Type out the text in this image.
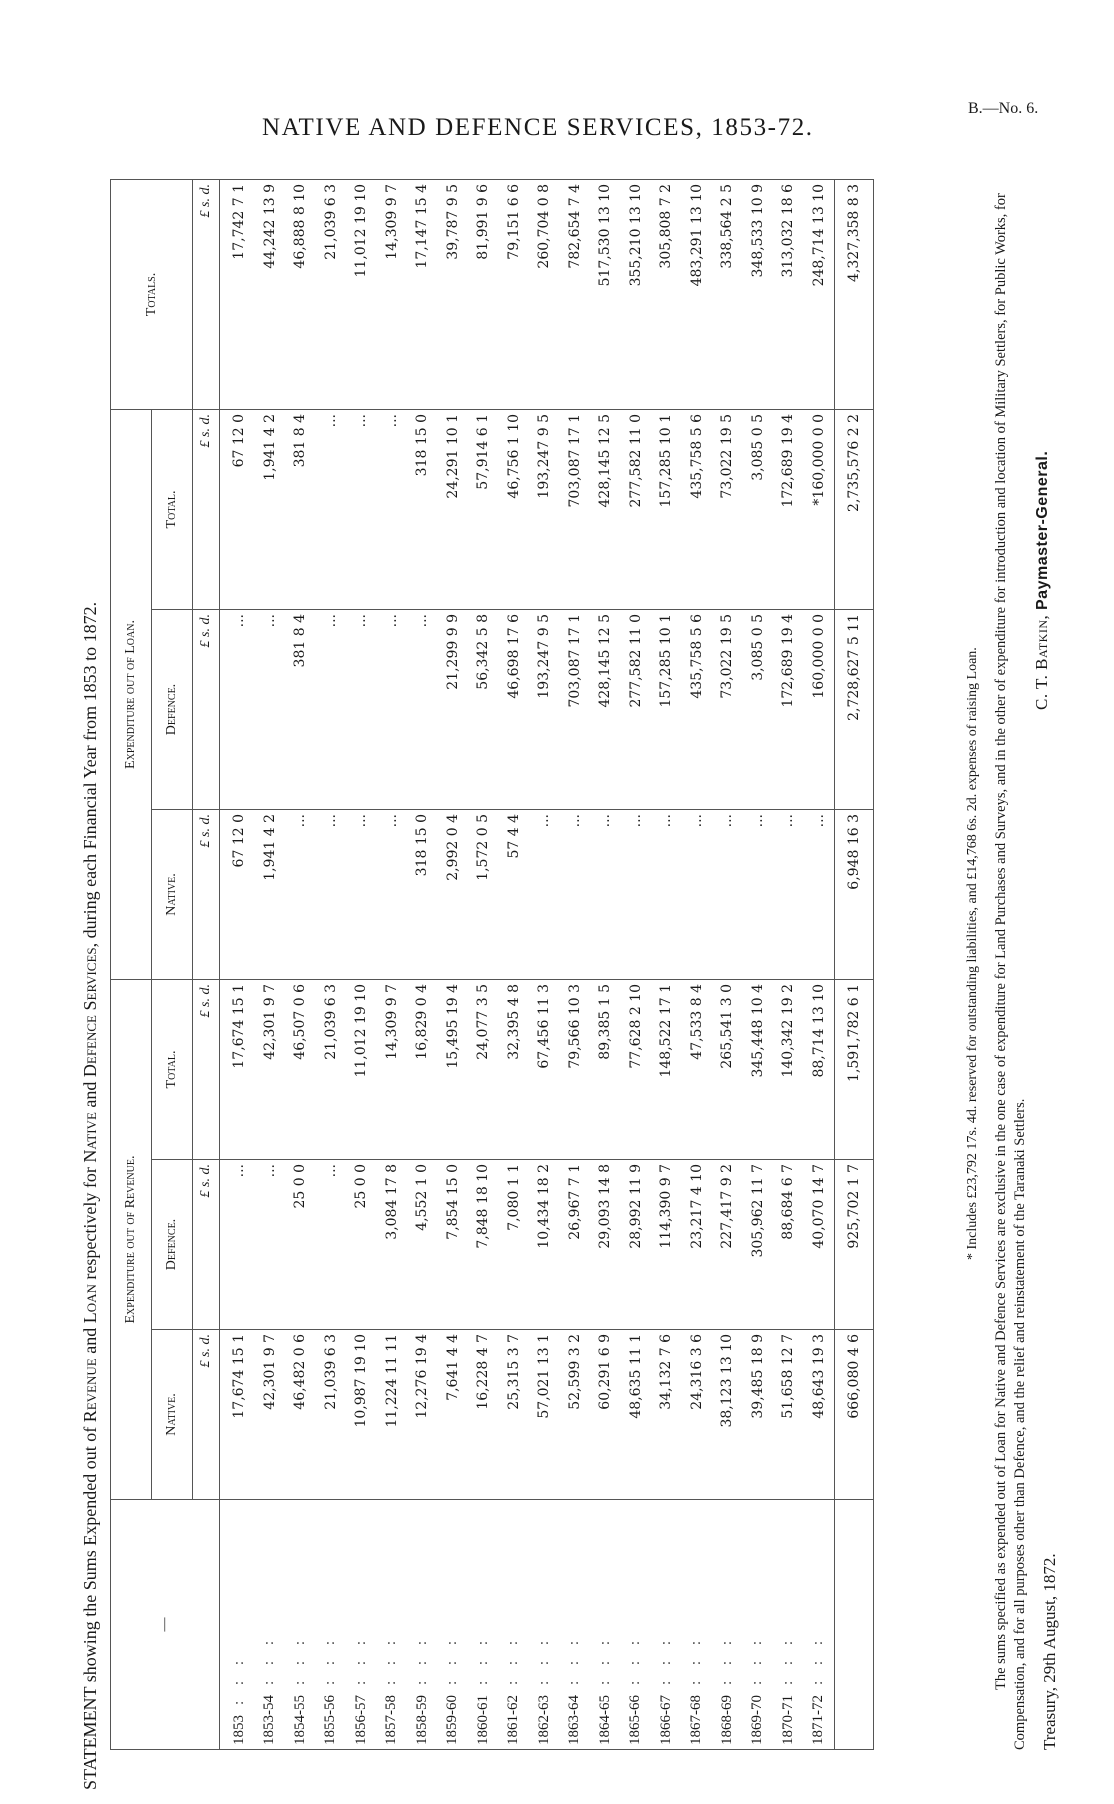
NATIVE AND DEFENCE SERVICES, 1853-72.
B.—No. 6.
STATEMENT showing the Sums Expended out of Revenue and Loan respectively for Native and Defence Services, during each Financial Year from 1853 to 1872.
—	Expenditure out of Revenue.			Expenditure out of Loan.			Totals.
	Native.	Defence.	Total.	Native.	Defence.	Total.	
	£ s. d.	£ s. d.	£ s. d.	£ s. d.	£ s. d.	£ s. d.	£ s. d.
1853: : :	17,674 15 1	...	17,674 15 1	67 12 0	...	67 12 0	17,742 7 1
1853-54: : :	42,301 9 7	...	42,301 9 7	1,941 4 2	...	1,941 4 2	44,242 13 9
1854-55: : :	46,482 0 6	25 0 0	46,507 0 6	...	381 8 4	381 8 4	46,888 8 10
1855-56: : :	21,039 6 3	...	21,039 6 3	...	...	...	21,039 6 3
1856-57: : :	10,987 19 10	25 0 0	11,012 19 10	...	...	...	11,012 19 10
1857-58: : :	11,224 11 11	3,084 17 8	14,309 9 7	...	...	...	14,309 9 7
1858-59: : :	12,276 19 4	4,552 1 0	16,829 0 4	318 15 0	...	318 15 0	17,147 15 4
1859-60: : :	7,641 4 4	7,854 15 0	15,495 19 4	2,992 0 4	21,299 9 9	24,291 10 1	39,787 9 5
1860-61: : :	16,228 4 7	7,848 18 10	24,077 3 5	1,572 0 5	56,342 5 8	57,914 6 1	81,991 9 6
1861-62: : :	25,315 3 7	7,080 1 1	32,395 4 8	57 4 4	46,698 17 6	46,756 1 10	79,151 6 6
1862-63: : :	57,021 13 1	10,434 18 2	67,456 11 3	...	193,247 9 5	193,247 9 5	260,704 0 8
1863-64: : :	52,599 3 2	26,967 7 1	79,566 10 3	...	703,087 17 1	703,087 17 1	782,654 7 4
1864-65: : :	60,291 6 9	29,093 14 8	89,385 1 5	...	428,145 12 5	428,145 12 5	517,530 13 10
1865-66: : :	48,635 11 1	28,992 11 9	77,628 2 10	...	277,582 11 0	277,582 11 0	355,210 13 10
1866-67: : :	34,132 7 6	114,390 9 7	148,522 17 1	...	157,285 10 1	157,285 10 1	305,808 7 2
1867-68: : :	24,316 3 6	23,217 4 10	47,533 8 4	...	435,758 5 6	435,758 5 6	483,291 13 10
1868-69: : :	38,123 13 10	227,417 9 2	265,541 3 0	...	73,022 19 5	73,022 19 5	338,564 2 5
1869-70: : :	39,485 18 9	305,962 11 7	345,448 10 4	...	3,085 0 5	3,085 0 5	348,533 10 9
1870-71: : :	51,658 12 7	88,684 6 7	140,342 19 2	...	172,689 19 4	172,689 19 4	313,032 18 6
1871-72: : :	48,643 19 3	40,070 14 7	88,714 13 10	...	160,000 0 0	*160,000 0 0	248,714 13 10
	666,080 4 6	925,702 1 7	1,591,782 6 1	6,948 16 3	2,728,627 5 11	2,735,576 2 2	4,327,358 8 3
* Includes £23,792 17s. 4d. reserved for outstanding liabilities, and £14,768 6s. 2d. expenses of raising Loan. The sums specified as expended out of Loan for Native and Defence Services are exclusive in the one case of expenditure for Land Purchases and Surveys, and in the other of expenditure for introduction and location of Military Settlers, for Public Works, for Compensation, and for all purposes other than Defence, and the relief and reinstatement of the Taranaki Settlers. Treasury, 29th August, 1872.
C. T. Batkin, Paymaster-General.
